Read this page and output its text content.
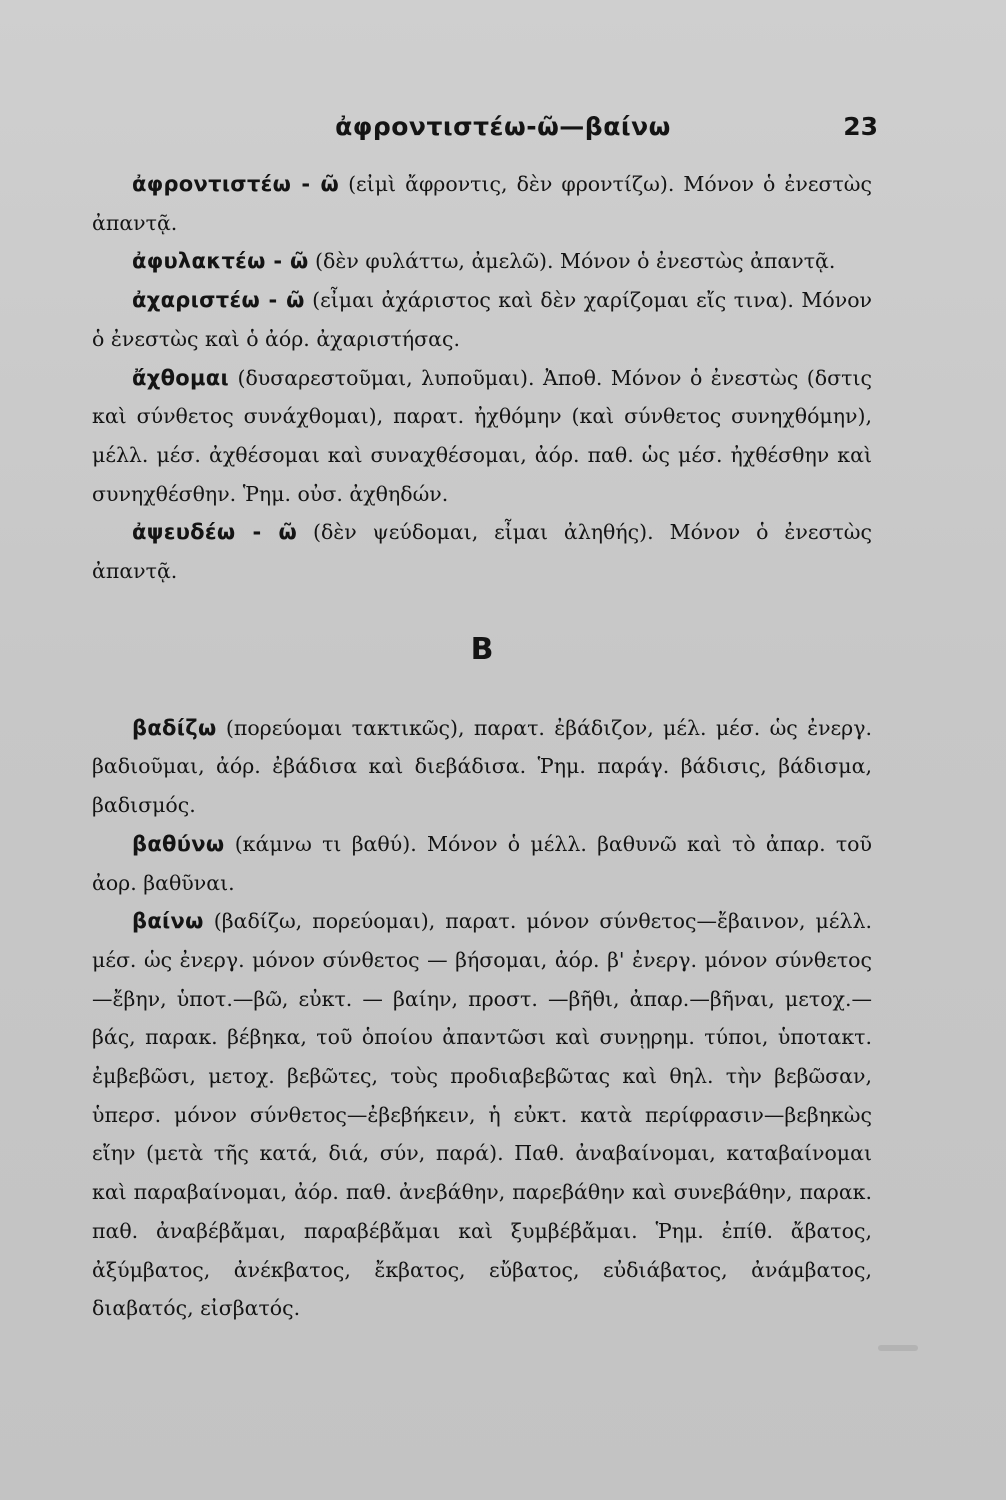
ἀφροντιστέω-ῶ—βαίνω	23

ἀφροντιστέω - ῶ (εἰμὶ ἄφροντις, δὲν φροντίζω). Μόνον ὁ ἐνεστὼς ἀπαντᾷ.

ἀφυλακτέω - ῶ (δὲν φυλάττω, ἀμελῶ). Μόνον ὁ ἐνεστὼς ἀπαντᾷ.

ἀχαριστέω - ῶ (εἶμαι ἀχάριστος καὶ δὲν χαρίζομαι εἴς τινα). Μόνον ὁ ἐνεστὼς καὶ ὁ ἀόρ. ἀχαριστήσας.

ἄχθομαι (δυσαρεστοῦμαι, λυποῦμαι). Ἀποθ. Μόνον ὁ ἐνεστὼς (δστις καὶ σύνθετος συνάχθομαι), παρατ. ἠχθόμην (καὶ σύνθετος συνηχθόμην), μέλλ. μέσ. ἀχθέσομαι καὶ συναχθέσομαι, ἀόρ. παθ. ὡς μέσ. ἠχθέσθην καὶ συνηχθέσθην. Ῥημ. οὐσ. ἀχθηδών.

ἀψευδέω - ῶ (δὲν ψεύδομαι, εἶμαι ἀληθής). Μόνον ὁ ἐνεστὼς ἀπαντᾷ.

Β

βαδίζω (πορεύομαι τακτικῶς), παρατ. ἐβάδιζον, μέλ. μέσ. ὡς ἐνεργ. βαδιοῦμαι, ἀόρ. ἐβάδισα καὶ διεβάδισα. Ῥημ. παράγ. βάδισις, βάδισμα, βαδισμός.

βαθύνω (κάμνω τι βαθύ). Μόνον ὁ μέλλ. βαθυνῶ καὶ τὸ ἀπαρ. τοῦ ἀορ. βαθῦναι.

βαίνω (βαδίζω, πορεύομαι), παρατ. μόνον σύνθετος—ἔβαινον, μέλλ. μέσ. ὡς ἐνεργ. μόνον σύνθετος — βήσομαι, ἀόρ. β' ἐνεργ. μόνον σύνθετος—ἔβην, ὑποτ.—βῶ, εὐκτ. — βαίην, προστ. —βῆθι, ἀπαρ.—βῆναι, μετοχ.—βάς, παρακ. βέβηκα, τοῦ ὁποίου ἀπαντῶσι καὶ συνῃρημ. τύποι, ὑποτακτ. ἐμβεβῶσι, μετοχ. βεβῶτες, τοὺς προδιαβεβῶτας καὶ θηλ. τὴν βεβῶσαν, ὑπερσ. μόνον σύνθετος—ἐβεβήκειν, ἡ εὐκτ. κατὰ περίφρασιν—βεβηκὼς εἴην (μετὰ τῆς κατά, διά, σύν, παρά). Παθ. ἀναβαίνομαι, καταβαίνομαι καὶ παραβαίνομαι, ἀόρ. παθ. ἀνεβάθην, παρεβάθην καὶ συνεβάθην, παρακ. παθ. ἀναβέβἄμαι, παραβέβἄμαι καὶ ξυμβέβἄμαι. Ῥημ. ἐπίθ. ἄβατος, ἀξύμβατος, ἀνέκβατος, ἔκβατος, εὔβατος, εὐδιάβατος, ἀνάμβατος, διαβατός, εἰσβατός.
